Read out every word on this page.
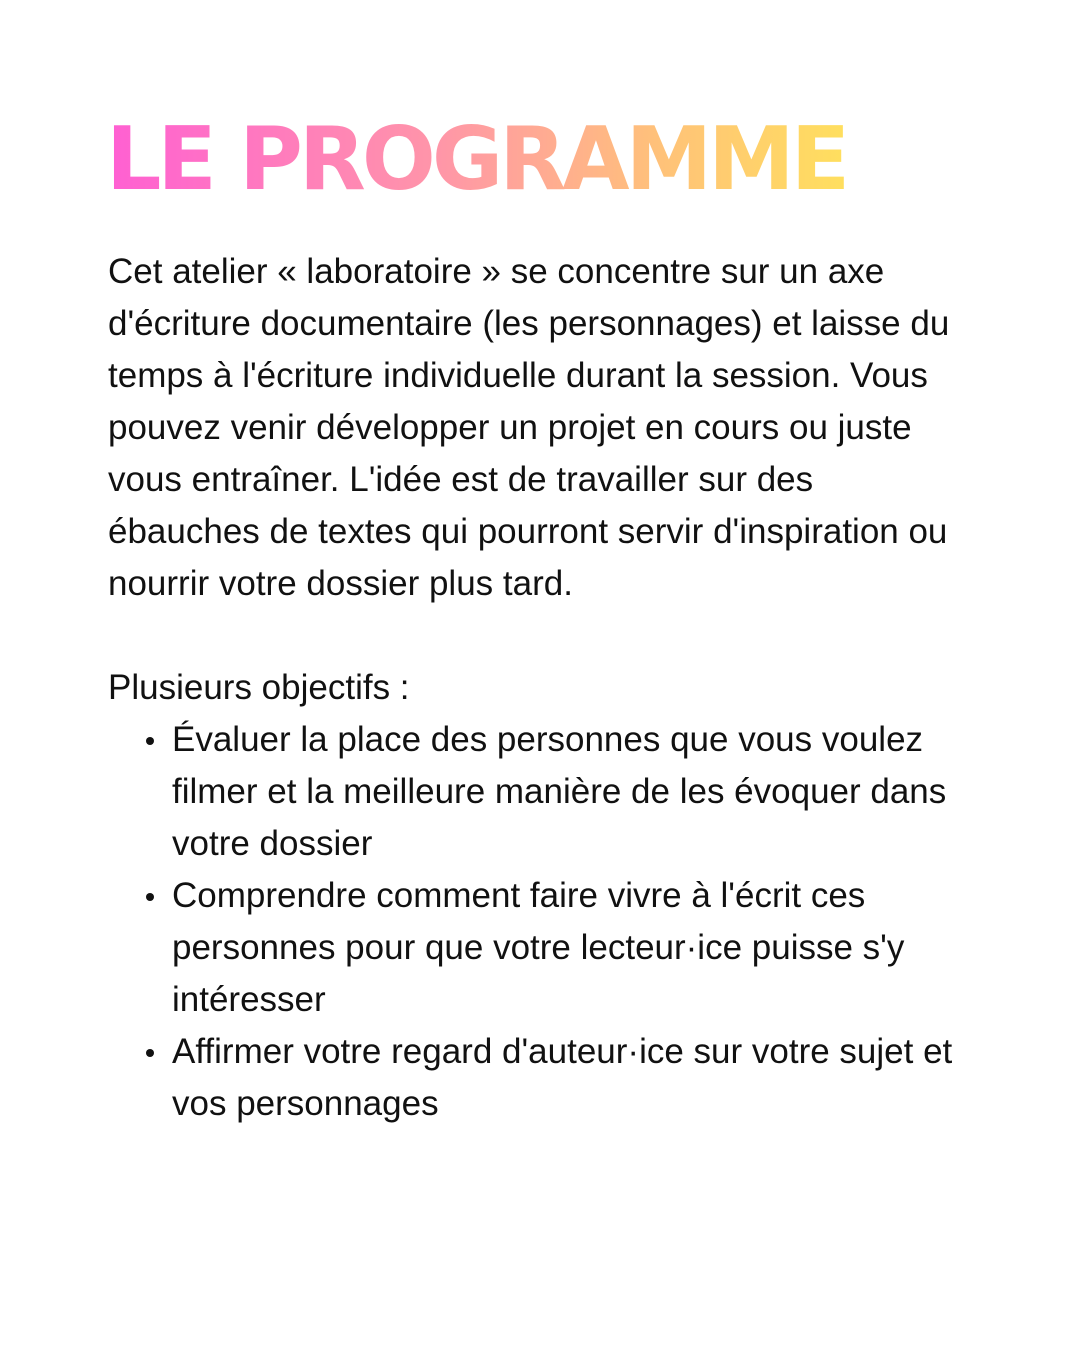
LE PROGRAMME

Cet atelier « laboratoire » se concentre sur un axe d'écriture documentaire (les personnages) et laisse du temps à l'écriture individuelle durant la session. Vous pouvez venir développer un projet en cours ou juste vous entraîner. L'idée est de travailler sur des ébauches de textes qui pourront servir d'inspiration ou nourrir votre dossier plus tard.

Plusieurs objectifs :

Évaluer la place des personnes que vous voulez filmer et la meilleure manière de les évoquer dans votre dossier
Comprendre comment faire vivre à l'écrit ces personnes pour que votre lecteur·ice puisse s'y intéresser
Affirmer votre regard d'auteur·ice sur votre sujet et vos personnages
